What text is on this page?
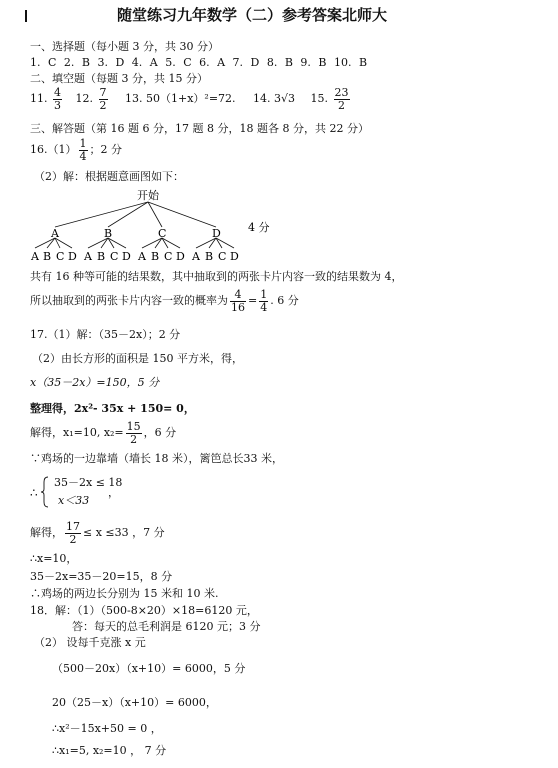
随堂练习九年数学（二）参考答案北师大
一、选择题（每小题 3 分，共 30 分）
1. C 2. B 3. D 4. A 5. C 6. A 7. D 8. B 9. B 10. B
二、填空题（每题 3 分，共 15 分）
11. $\frac{4}{3} 12$. $\frac{7}{2} 13$. 50（1+x）²=72. 14. 3√3 15. $\frac{23}{2}$
三、解答题（第 16 题 6 分，17 题 8 分，18 题各 8 分，共 22 分）
$16.(1) \frac{1}{4}$ ；2 分
（2）解：根据题意画图如下：
开始
A	B	C	D
A B C D A B C D A B C D A B C D
4 分
共有 16 种等可能的结果数，其中抽取到的两张卡片内容一致的结果数为 4，
所以抽取到的两张卡片内容一致的概率为 $\frac{4}{16} = \frac{1}{4}$ . 6 分
17.（1）解：（35－2x）；2 分
（2）由长方形的面积是 150 平方米，得，
x（35－2x）=150，5 分
整理得，2x²- 35x + 150= 0，
解得，x₁=10, $x_2= \frac{15}{2}$ ，6 分
∵鸡场的一边靠墙（墙长 18 米），篱笆总长33 米，
∴
35－2x ≤ 18
x＜33
，
解得， $\frac{17}{2} \le x \le 33$ ，7 分
∴x=10，
35－2x=35－20=15，8 分
∴鸡场的两边长分别为 15 米和 10 米.
18．解：（1）（500-8×20）×18=6120 元，
答：每天的总毛利润是 6120 元；3 分
（2） 设每千克涨 x 元
（500－20x）（x+10）= 6000，5 分
20（25－x）（x+10）= 6000，
∴x²－15x+50 = 0 ，
∴x₁=5, x₂=10 ， 7 分
